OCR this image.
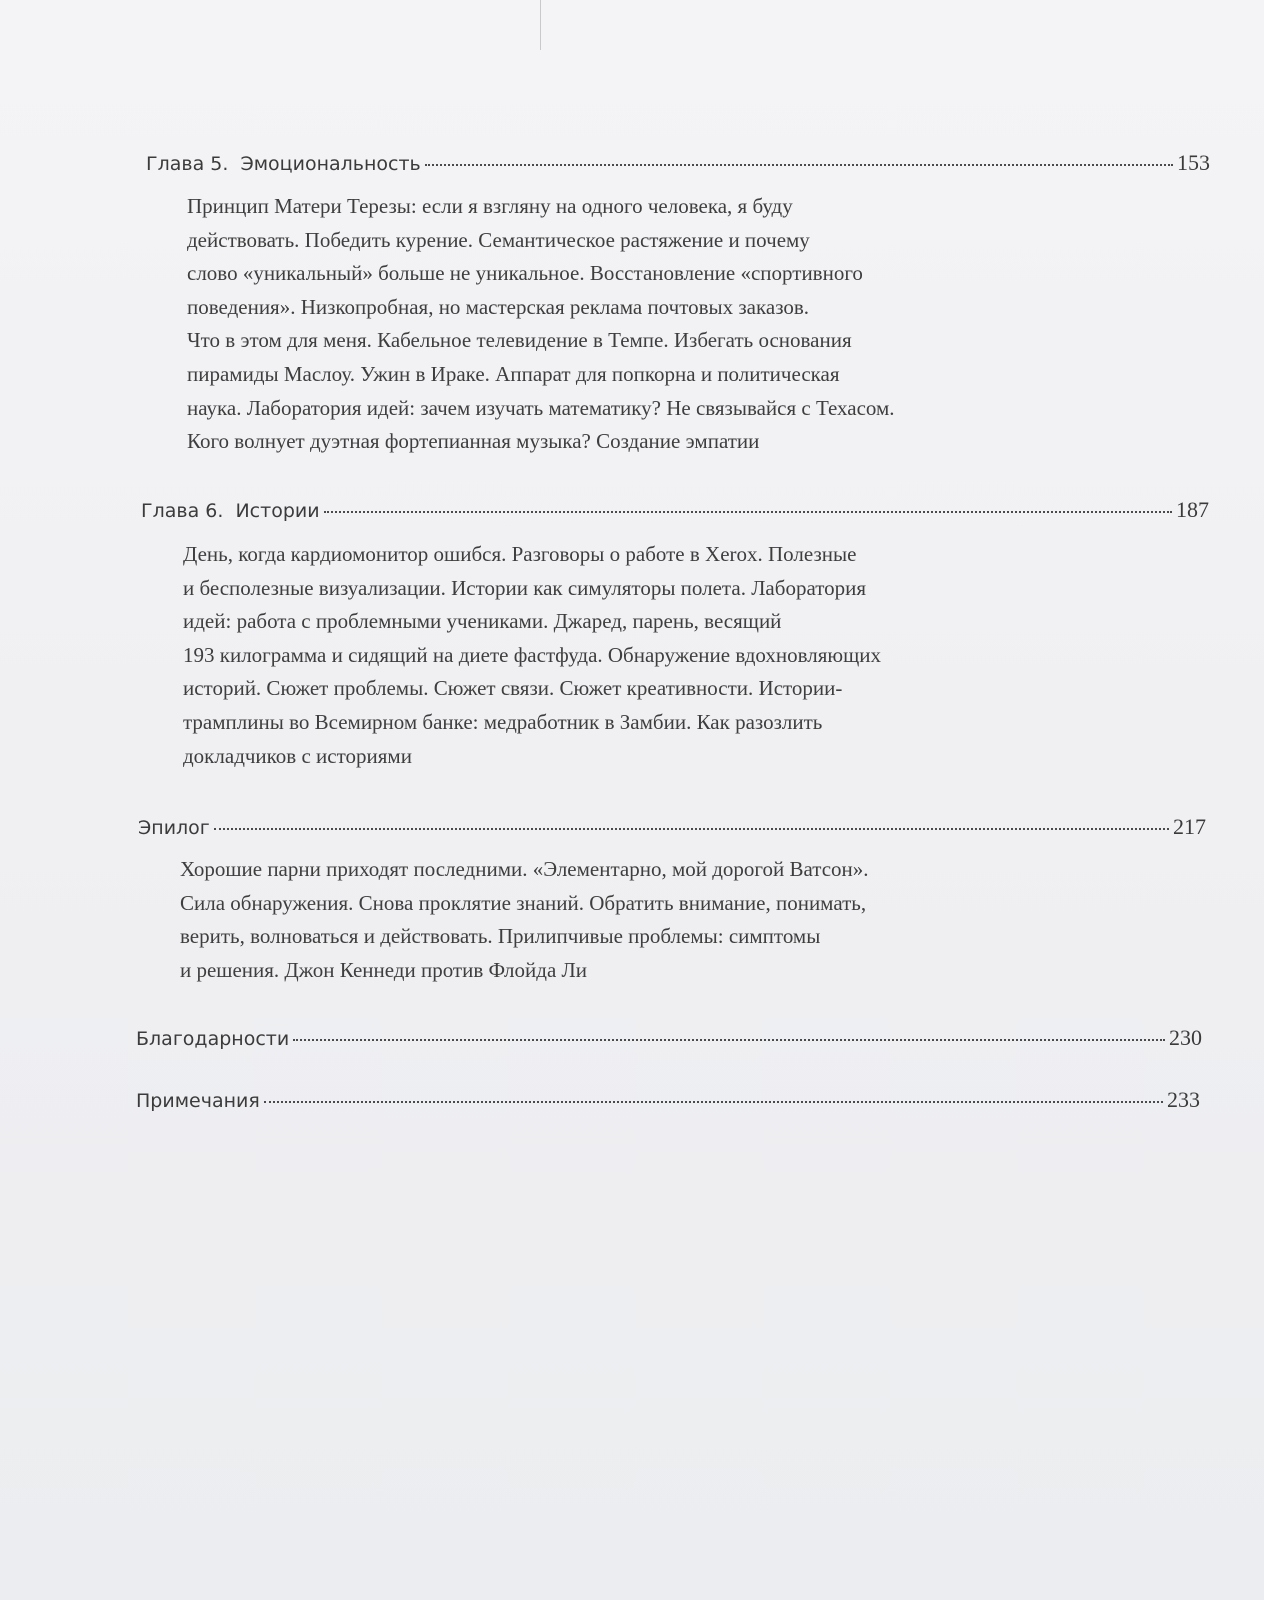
Глава 5.  Эмоциональность	153
Принцип Матери Терезы: если я взгляну на одного человека, я буду
действовать. Победить курение. Семантическое растяжение и почему
слово «уникальный» больше не уникальное. Восстановление «спортивного
поведения». Низкопробная, но мастерская реклама почтовых заказов.
Что в этом для меня. Кабельное телевидение в Темпе. Избегать основания
пирамиды Маслоу. Ужин в Ираке. Аппарат для попкорна и политическая
наука. Лаборатория идей: зачем изучать математику? Не связывайся с Техасом.
Кого волнует дуэтная фортепианная музыка? Создание эмпатии
Глава 6.  Истории	187
День, когда кардиомонитор ошибся. Разговоры о работе в Xerox. Полезные
и бесполезные визуализации. Истории как симуляторы полета. Лаборатория
идей: работа с проблемными учениками. Джаред, парень, весящий
193 килограмма и сидящий на диете фастфуда. Обнаружение вдохновляющих
историй. Сюжет проблемы. Сюжет связи. Сюжет креативности. Истории-
трамплины во Всемирном банке: медработник в Замбии. Как разозлить
докладчиков с историями
Эпилог	217
Хорошие парни приходят последними. «Элементарно, мой дорогой Ватсон».
Сила обнаружения. Снова проклятие знаний. Обратить внимание, понимать,
верить, волноваться и действовать. Прилипчивые проблемы: симптомы
и решения. Джон Кеннеди против Флойда Ли
Благодарности	230
Примечания	233
